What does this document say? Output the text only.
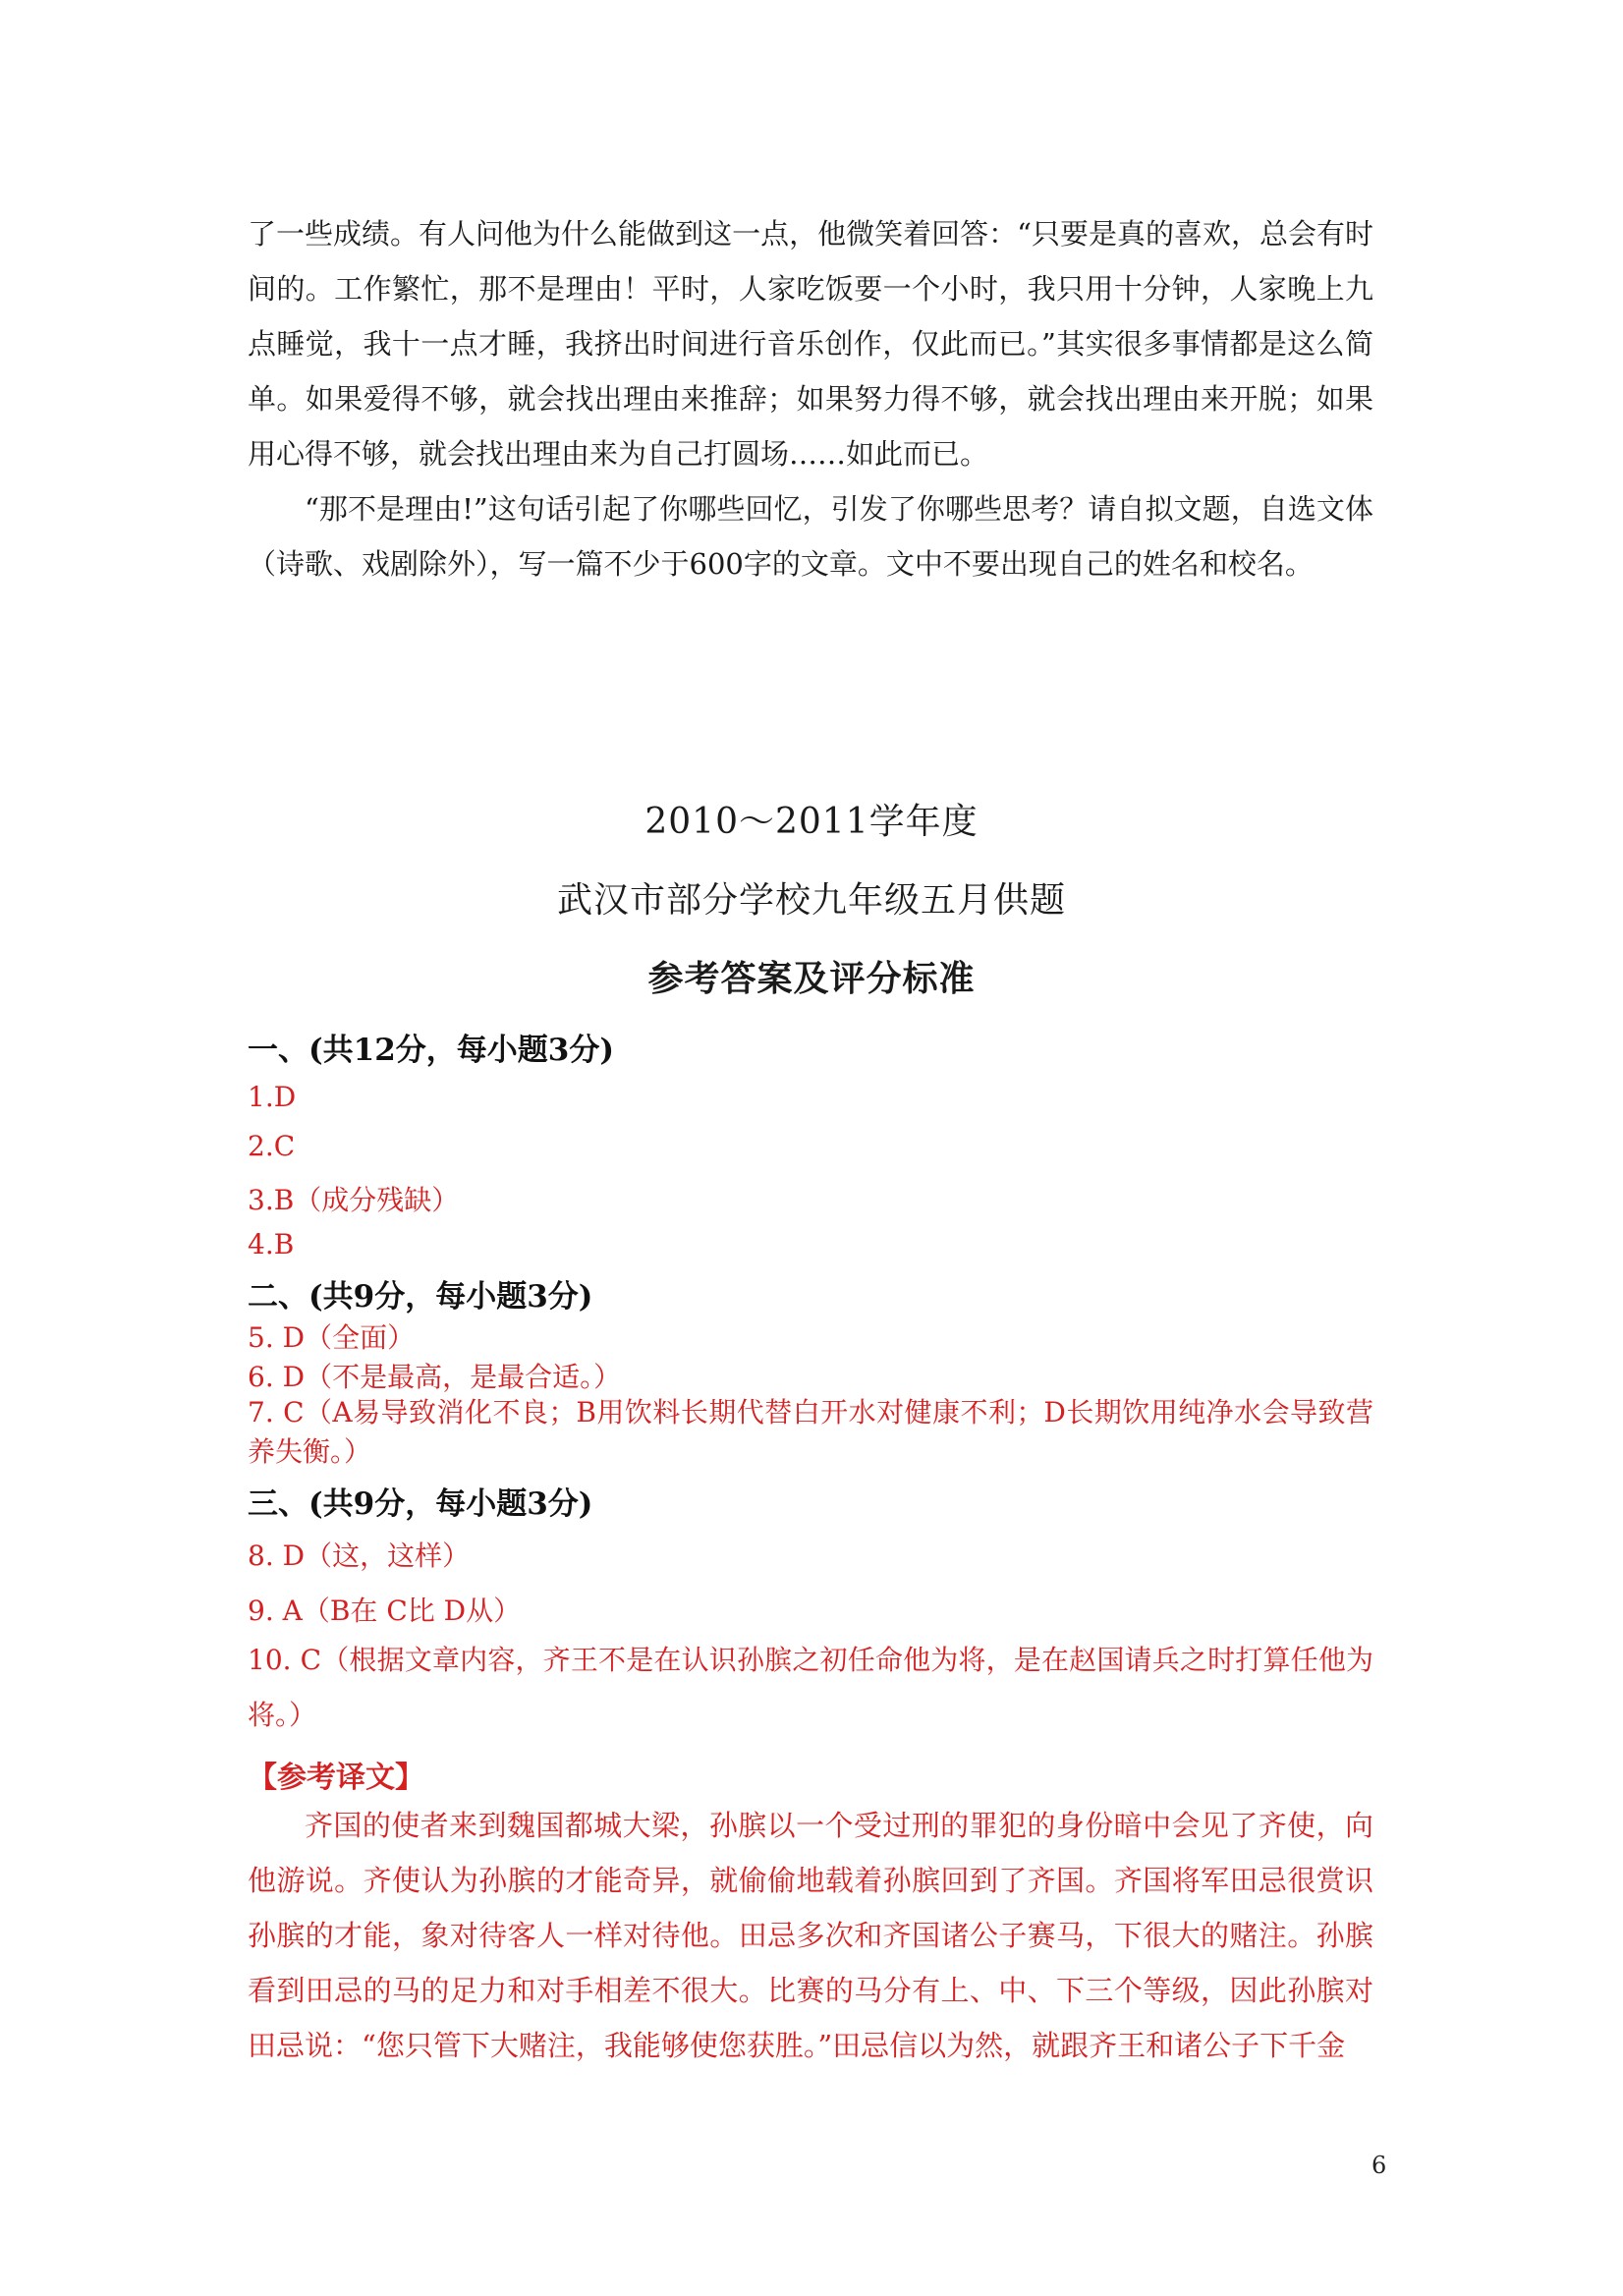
了一些成绩。有人问他为什么能做到这一点，他微笑着回答：“只要是真的喜欢，总会有时间的。工作繁忙，那不是理由！平时，人家吃饭要一个小时，我只用十分钟，人家晚上九点睡觉，我十一点才睡，我挤出时间进行音乐创作，仅此而已。”其实很多事情都是这么简单。如果爱得不够，就会找出理由来推辞；如果努力得不够，就会找出理由来开脱；如果用心得不够，就会找出理由来为自己打圆场……如此而已。

“那不是理由!”这句话引起了你哪些回忆，引发了你哪些思考？请自拟文题，自选文体（诗歌、戏剧除外），写一篇不少于600字的文章。文中不要出现自己的姓名和校名。

2010～2011学年度
武汉市部分学校九年级五月供题
参考答案及评分标准

一、(共12分，每小题3分)

1.D

2.C

3.B（成分残缺）

4.B

二、(共9分，每小题3分)

5. D（全面）

6. D（不是最高，是最合适。）

7. C（A易导致消化不良；B用饮料长期代替白开水对健康不利；D长期饮用纯净水会导致营养失衡。）

三、(共9分，每小题3分)

8. D（这，这样）

9. A（B在 C比 D从）

10. C（根据文章内容，齐王不是在认识孙膑之初任命他为将，是在赵国请兵之时打算任他为将。）

【参考译文】

齐国的使者来到魏国都城大梁，孙膑以一个受过刑的罪犯的身份暗中会见了齐使，向他游说。齐使认为孙膑的才能奇异，就偷偷地载着孙膑回到了齐国。齐国将军田忌很赏识孙膑的才能，象对待客人一样对待他。田忌多次和齐国诸公子赛马，下很大的赌注。孙膑看到田忌的马的足力和对手相差不很大。比赛的马分有上、中、下三个等级，因此孙膑对田忌说：“您只管下大赌注，我能够使您获胜。”田忌信以为然，就跟齐王和诸公子下千金

6
